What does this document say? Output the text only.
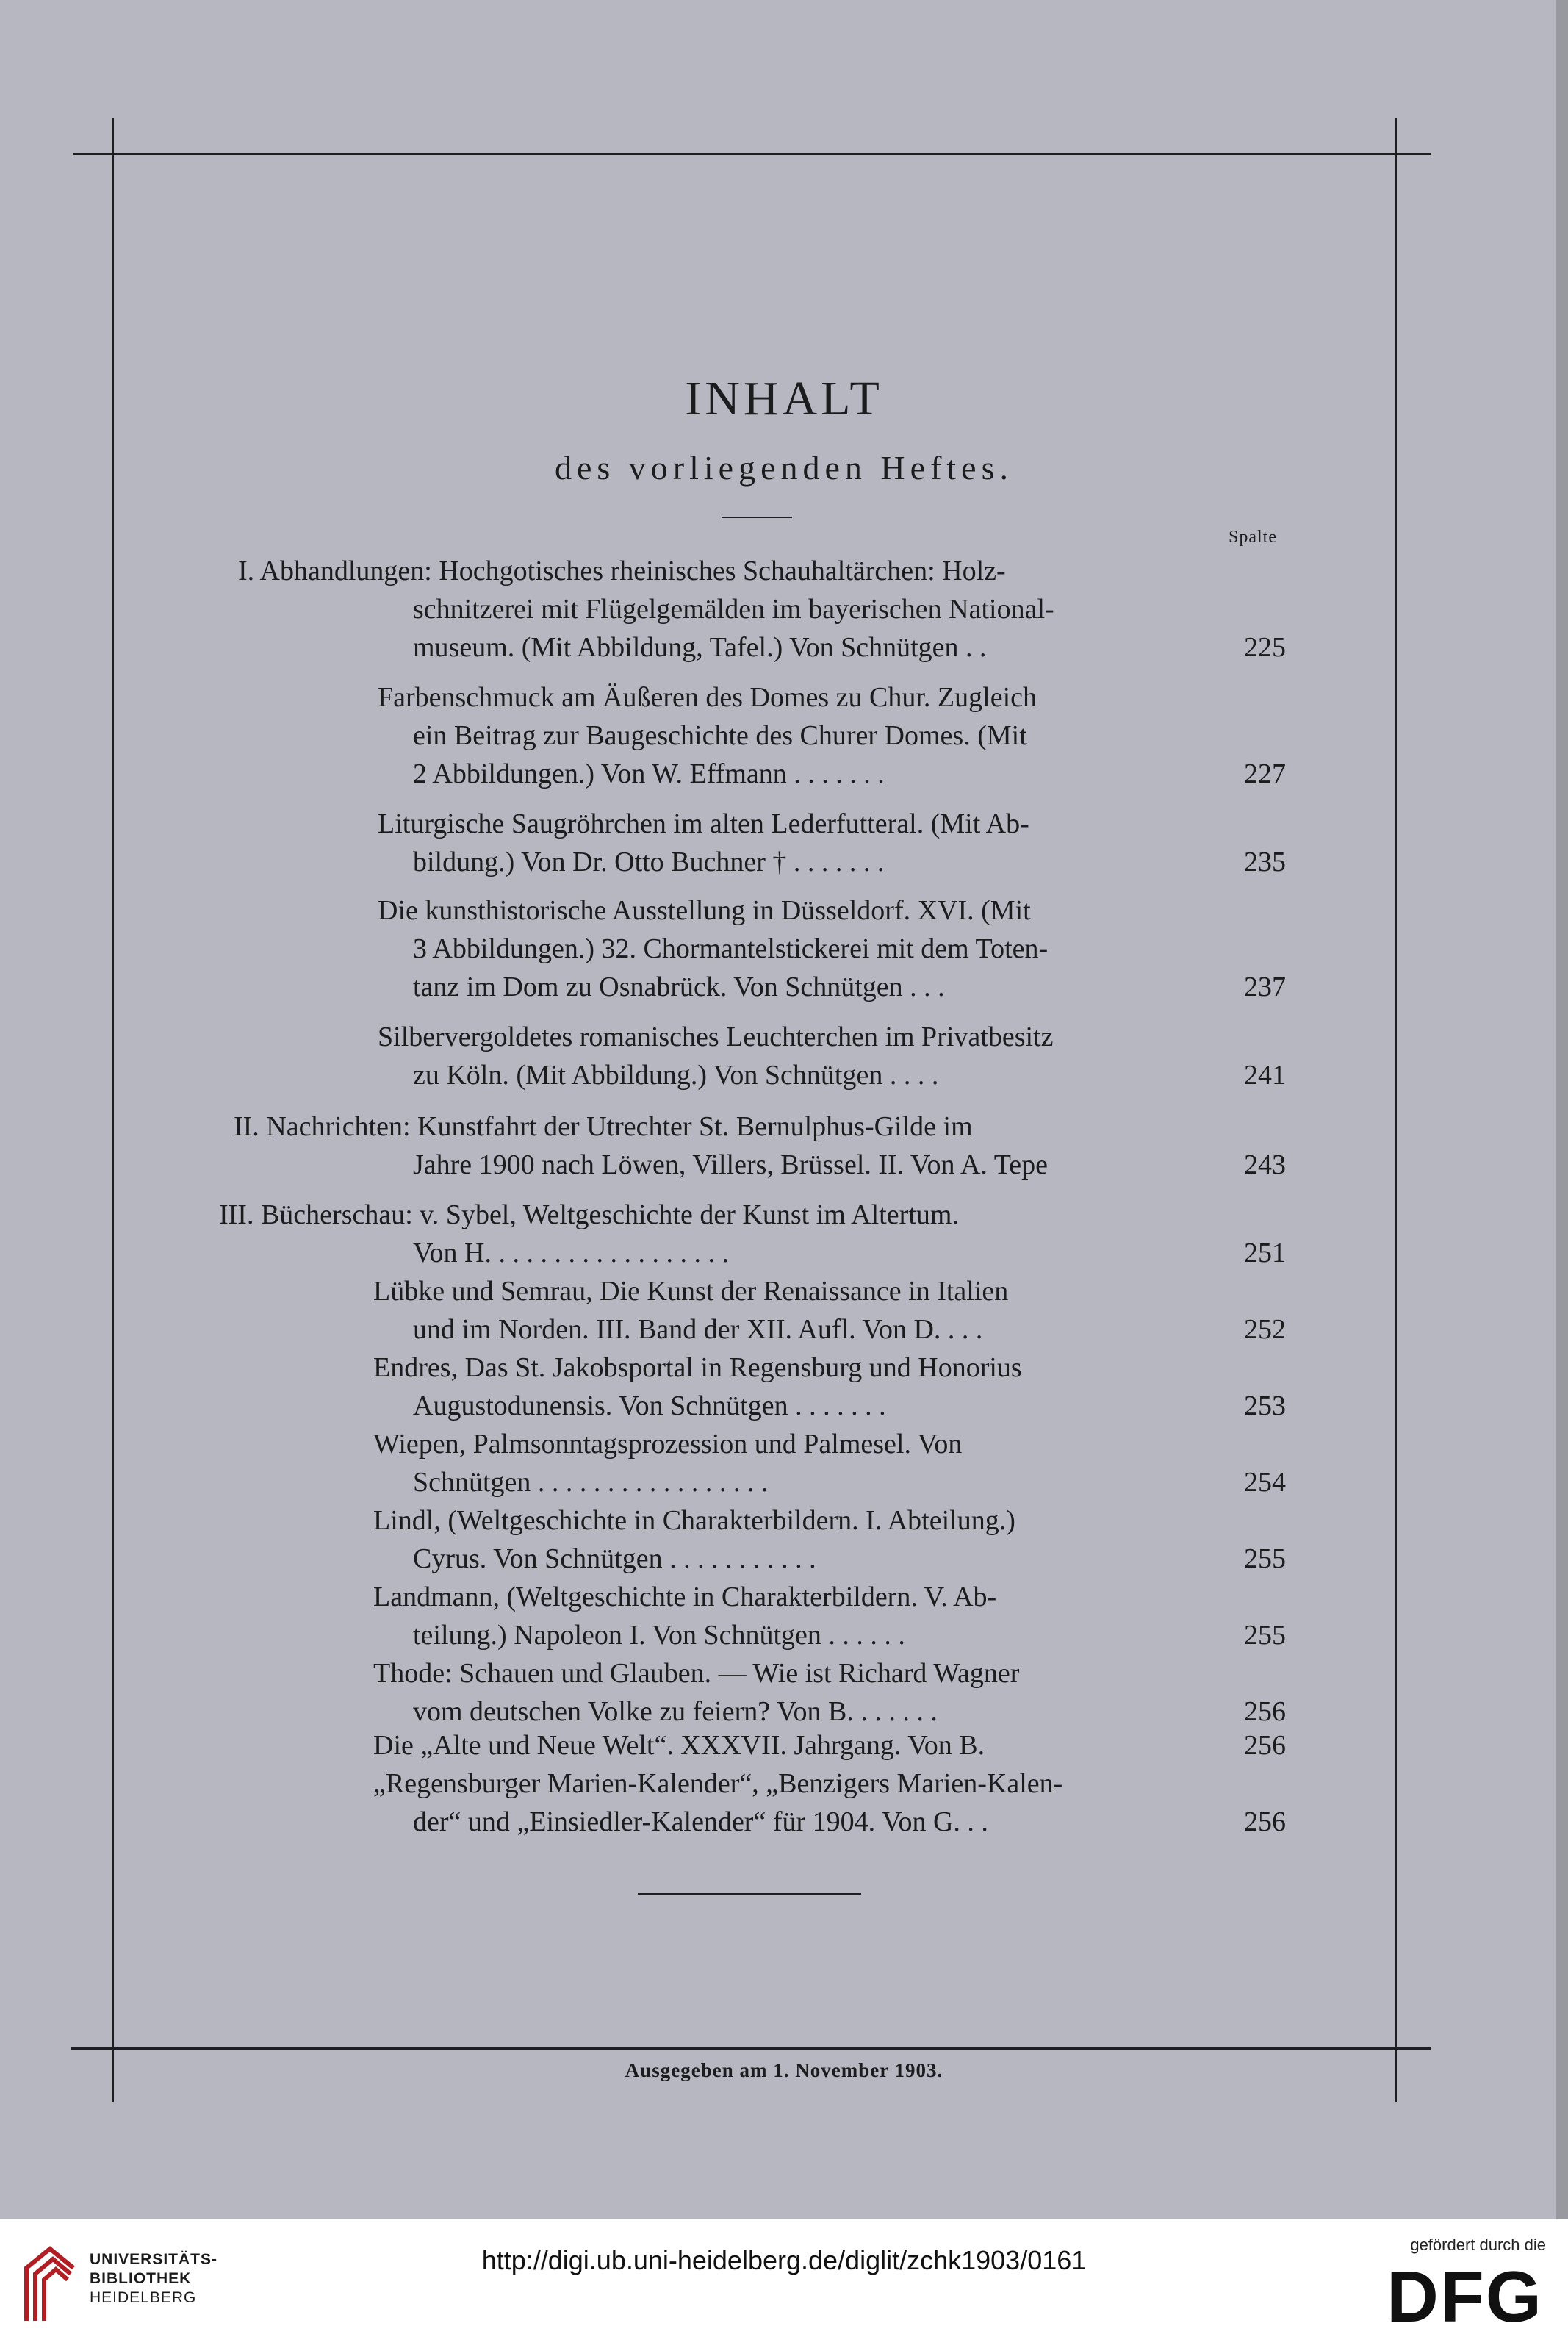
INHALT
des vorliegenden Heftes.
Spalte
I. Abhandlungen: Hochgotisches rheinisches Schauhaltärchen: Holz-
schnitzerei mit Flügelgemälden im bayerischen National-
museum. (Mit Abbildung, Tafel.) Von Schnütgen . .	225
Farbenschmuck am Äußeren des Domes zu Chur. Zugleich
ein Beitrag zur Baugeschichte des Churer Domes. (Mit
2 Abbildungen.) Von W. Effmann . . . . . . .	227
Liturgische Saugröhrchen im alten Lederfutteral. (Mit Ab-
bildung.) Von Dr. Otto Buchner † . . . . . . .	235
Die kunsthistorische Ausstellung in Düsseldorf. XVI. (Mit
3 Abbildungen.) 32. Chormantelstickerei mit dem Toten-
tanz im Dom zu Osnabrück. Von Schnütgen . . .	237
Silbervergoldetes romanisches Leuchterchen im Privatbesitz
zu Köln. (Mit Abbildung.) Von Schnütgen . . . .	241
II. Nachrichten: Kunstfahrt der Utrechter St. Bernulphus-Gilde im
Jahre 1900 nach Löwen, Villers, Brüssel. II. Von A. Tepe	243
III. Bücherschau: v. Sybel, Weltgeschichte der Kunst im Altertum.
Von H. . . . . . . . . . . . . . . . . .	251
Lübke und Semrau, Die Kunst der Renaissance in Italien
und im Norden. III. Band der XII. Aufl. Von D. . . .	252
Endres, Das St. Jakobsportal in Regensburg und Honorius
Augustodunensis. Von Schnütgen . . . . . . .	253
Wiepen, Palmsonntagsprozession und Palmesel. Von
Schnütgen . . . . . . . . . . . . . . . . .	254
Lindl, (Weltgeschichte in Charakterbildern. I. Abteilung.)
Cyrus. Von Schnütgen . . . . . . . . . . .	255
Landmann, (Weltgeschichte in Charakterbildern. V. Ab-
teilung.) Napoleon I. Von Schnütgen . . . . . .	255
Thode: Schauen und Glauben. — Wie ist Richard Wagner
vom deutschen Volke zu feiern? Von B. . . . . . .	256
Die „Alte und Neue Welt“. XXXVII. Jahrgang. Von B.	256
„Regensburger Marien-Kalender“, „Benzigers Marien-Kalen-
der“ und „Einsiedler-Kalender“ für 1904. Von G. . .	256
Ausgegeben am 1. November 1903.
UNIVERSITÄTS-
BIBLIOTHEK
HEIDELBERG
http://digi.ub.uni-heidelberg.de/diglit/zchk1903/0161
gefördert durch die
DFG
